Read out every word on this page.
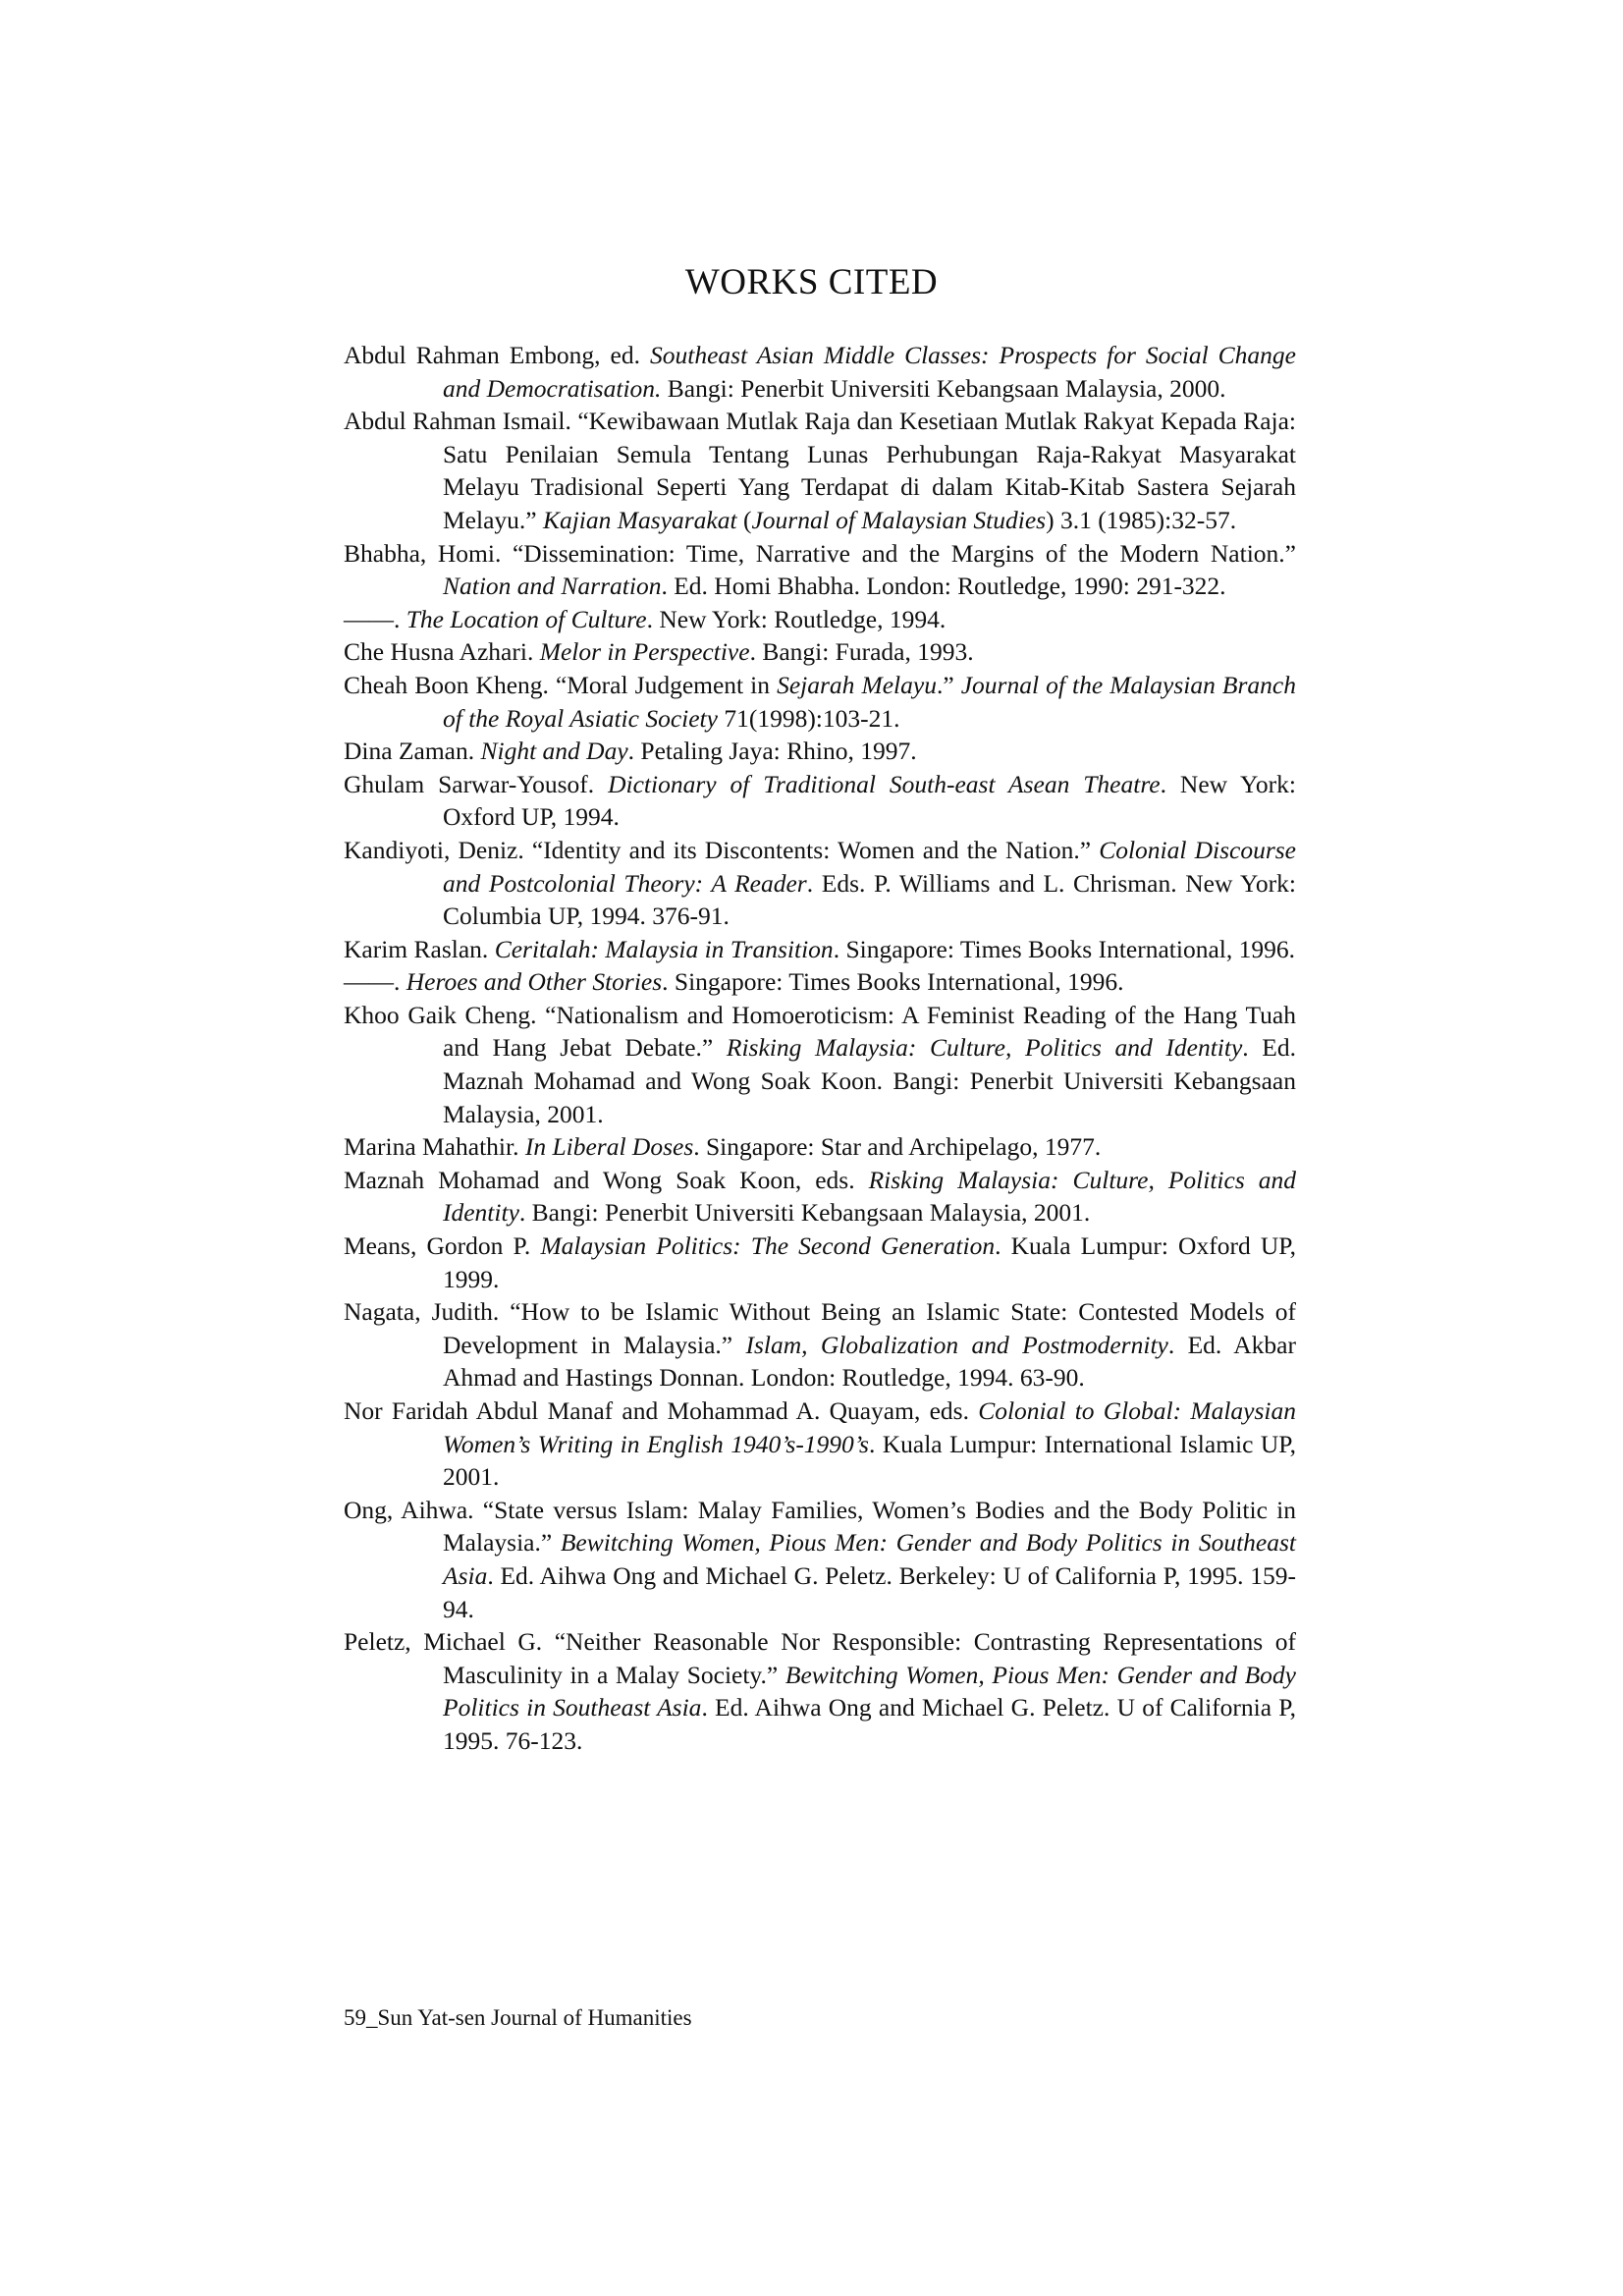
WORKS CITED
Abdul Rahman Embong, ed. Southeast Asian Middle Classes: Prospects for Social Change and Democratisation. Bangi: Penerbit Universiti Kebangsaan Malaysia, 2000.
Abdul Rahman Ismail. “Kewibawaan Mutlak Raja dan Kesetiaan Mutlak Rakyat Kepada Raja: Satu Penilaian Semula Tentang Lunas Perhubungan Raja-Rakyat Masyarakat Melayu Tradisional Seperti Yang Terdapat di dalam Kitab-Kitab Sastera Sejarah Melayu.” Kajian Masyarakat (Journal of Malaysian Studies) 3.1 (1985):32-57.
Bhabha, Homi. “Dissemination: Time, Narrative and the Margins of the Modern Nation.” Nation and Narration. Ed. Homi Bhabha. London: Routledge, 1990: 291-322.
——. The Location of Culture. New York: Routledge, 1994.
Che Husna Azhari. Melor in Perspective. Bangi: Furada, 1993.
Cheah Boon Kheng. “Moral Judgement in Sejarah Melayu.” Journal of the Malaysian Branch of the Royal Asiatic Society 71(1998):103-21.
Dina Zaman. Night and Day. Petaling Jaya: Rhino, 1997.
Ghulam Sarwar-Yousof. Dictionary of Traditional South-east Asean Theatre. New York: Oxford UP, 1994.
Kandiyoti, Deniz. “Identity and its Discontents: Women and the Nation.” Colonial Discourse and Postcolonial Theory: A Reader. Eds. P. Williams and L. Chrisman. New York: Columbia UP, 1994. 376-91.
Karim Raslan. Ceritalah: Malaysia in Transition. Singapore: Times Books International, 1996.
——. Heroes and Other Stories. Singapore: Times Books International, 1996.
Khoo Gaik Cheng. “Nationalism and Homoeroticism: A Feminist Reading of the Hang Tuah and Hang Jebat Debate.” Risking Malaysia: Culture, Politics and Identity. Ed. Maznah Mohamad and Wong Soak Koon. Bangi: Penerbit Universiti Kebangsaan Malaysia, 2001.
Marina Mahathir. In Liberal Doses. Singapore: Star and Archipelago, 1977.
Maznah Mohamad and Wong Soak Koon, eds. Risking Malaysia: Culture, Politics and Identity. Bangi: Penerbit Universiti Kebangsaan Malaysia, 2001.
Means, Gordon P. Malaysian Politics: The Second Generation. Kuala Lumpur: Oxford UP, 1999.
Nagata, Judith. “How to be Islamic Without Being an Islamic State: Contested Models of Development in Malaysia.” Islam, Globalization and Postmodernity. Ed. Akbar Ahmad and Hastings Donnan. London: Routledge, 1994. 63-90.
Nor Faridah Abdul Manaf and Mohammad A. Quayam, eds. Colonial to Global: Malaysian Women’s Writing in English 1940’s-1990’s. Kuala Lumpur: International Islamic UP, 2001.
Ong, Aihwa. “State versus Islam: Malay Families, Women’s Bodies and the Body Politic in Malaysia.” Bewitching Women, Pious Men: Gender and Body Politics in Southeast Asia. Ed. Aihwa Ong and Michael G. Peletz. Berkeley: U of California P, 1995. 159-94.
Peletz, Michael G. “Neither Reasonable Nor Responsible: Contrasting Representations of Masculinity in a Malay Society.” Bewitching Women, Pious Men: Gender and Body Politics in Southeast Asia. Ed. Aihwa Ong and Michael G. Peletz. U of California P, 1995. 76-123.

59_Sun Yat-sen Journal of Humanities
